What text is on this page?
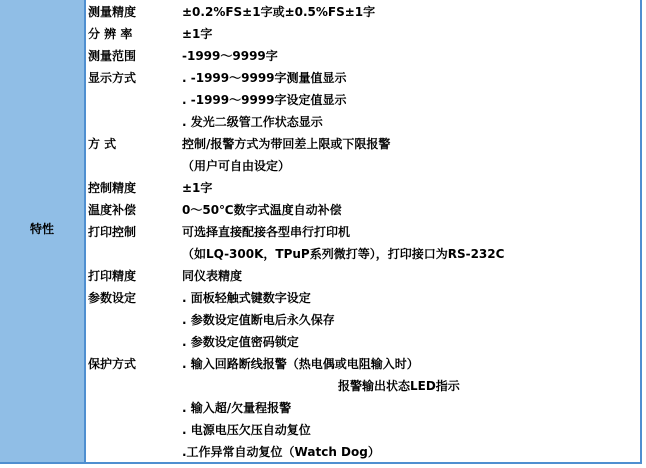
特性
测量精度	±0.2%FS±1字或±0.5%FS±1字
分 辨 率	±1字
测量范围	-1999～9999字
显示方式	. -1999～9999字测量值显示
. -1999～9999字设定值显示
. 发光二级管工作状态显示
方 式	控制/报警方式为带回差上限或下限报警
（用户可自由设定）
控制精度	±1字
温度补偿	0～50℃数字式温度自动补偿
打印控制	可选择直接配接各型串行打印机
（如LQ-300K，TPuP系列微打等），打印接口为RS-232C
打印精度	同仪表精度
参数设定	. 面板轻触式键数字设定
. 参数设定值断电后永久保存
. 参数设定值密码锁定
保护方式	. 输入回路断线报警（热电偶或电阻输入时）
报警输出状态LED指示
. 输入超/欠量程报警
. 电源电压欠压自动复位
.工作异常自动复位（Watch Dog）
